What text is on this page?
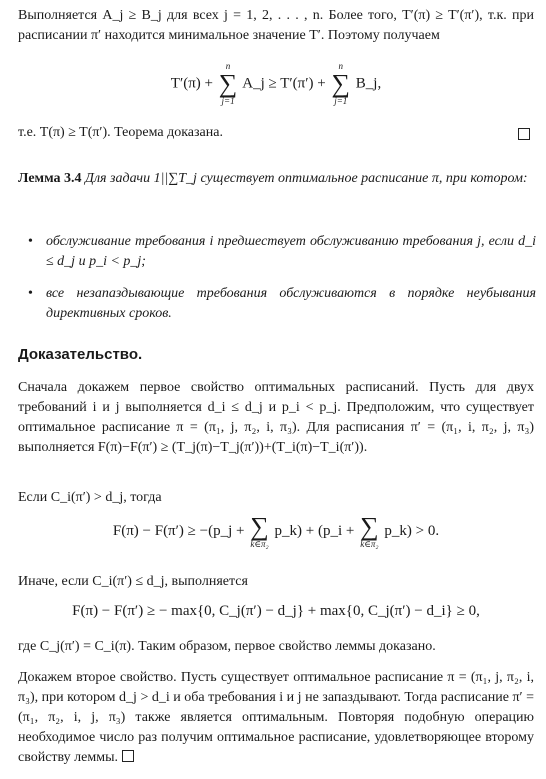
Выполняется A_j ≥ B_j для всех j = 1, 2, . . . , n. Более того, T′(π) ≥ T′(π′), т.к. при расписании π′ находится минимальное значение T′. Поэтому получаем

T′(π) +
n
∑
j=1
A_j ≥ T′(π′) +
n
∑
j=1
B_j,
т.е. T(π) ≥ T(π′). Теорема доказана.

Лемма 3.4 Для задачи 1||∑T_j существует оптимальное расписание π, при котором:

• обслуживание требования i предшествует обслуживанию требования j, если d_i ≤ d_j и p_i < p_j;
• все незапаздывающие требования обслуживаются в порядке неубывания директивных сроков.

Доказательство.

Сначала докажем первое свойство оптимальных расписаний. Пусть для двух требований i и j выполняется d_i ≤ d_j и p_i < p_j. Предположим, что существует оптимальное расписание π = (π₁, j, π₂, i, π₃). Для расписания π′ = (π₁, i, π₂, j, π₃) выполняется F(π)−F(π′) ≥ (T_j(π)−T_j(π′))+(T_i(π)−T_i(π′)).

Если C_i(π′) > d_j, тогда

F(π) − F(π′) ≥ −(p_j + ∑
k∈π₂
p_k) + (p_i + ∑
k∈π₂
p_k) > 0.

Иначе, если C_i(π′) ≤ d_j, выполняется

F(π) − F(π′) ≥ − max{0, C_j(π′) − d_j} + max{0, C_j(π′) − d_i} ≥ 0,

где C_j(π′) = C_i(π). Таким образом, первое свойство леммы доказано.

Докажем второе свойство. Пусть существует оптимальное расписание π = (π₁, j, π₂, i, π₃), при котором d_j > d_i и оба требования i и j не запаздывают. Тогда расписание π′ = (π₁, π₂, i, j, π₃) также является оптимальным. Повторяя подобную операцию необходимое число раз получим оптимальное расписание, удовлетворяющее второму свойству леммы.
